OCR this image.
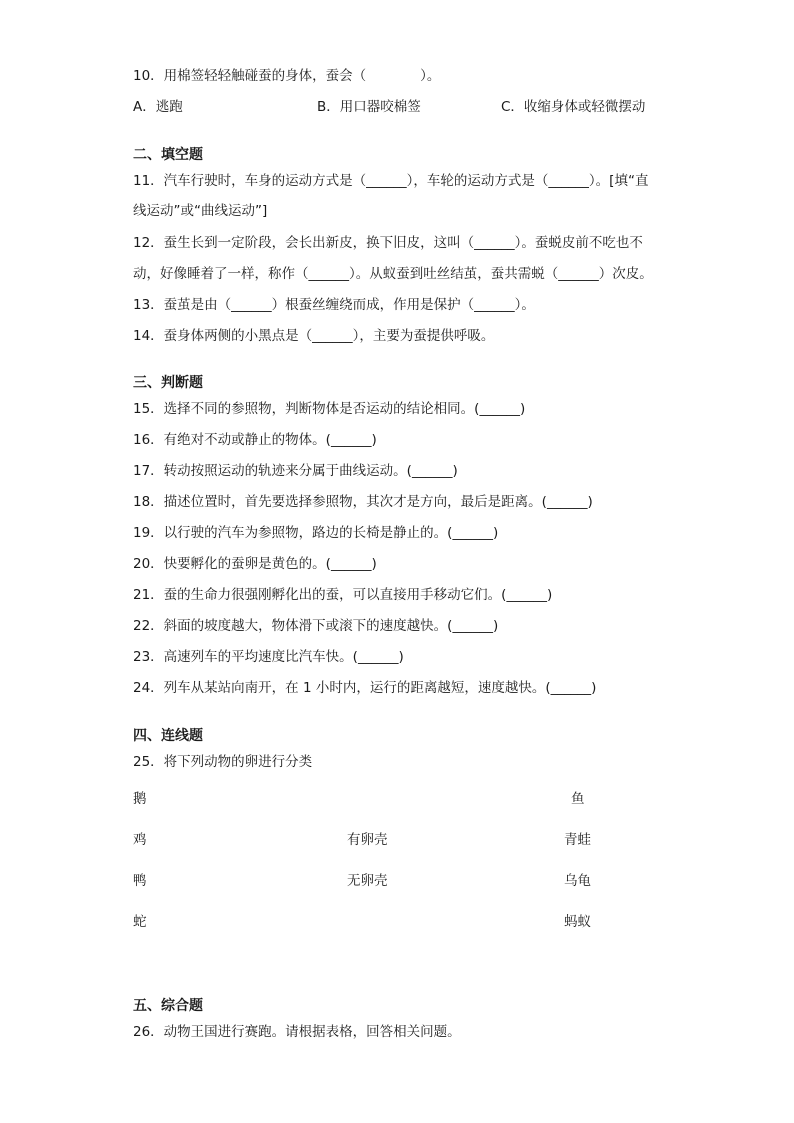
10．用棉签轻轻触碰蚕的身体，蚕会（　　　　）。
A．逃跑	B．用口器咬棉签	C．收缩身体或轻微摆动
二、填空题
11．汽车行驶时，车身的运动方式是（______），车轮的运动方式是（______）。[填“直
线运动”或“曲线运动”]
12．蚕生长到一定阶段，会长出新皮，换下旧皮，这叫（______）。蚕蜕皮前不吃也不
动，好像睡着了一样，称作（______）。从蚁蚕到吐丝结茧，蚕共需蜕（______）次皮。
13．蚕茧是由（______）根蚕丝缠绕而成，作用是保护（______）。
14．蚕身体两侧的小黑点是（______），主要为蚕提供呼吸。
三、判断题
15．选择不同的参照物，判断物体是否运动的结论相同。(______)
16．有绝对不动或静止的物体。(______)
17．转动按照运动的轨迹来分属于曲线运动。(______)
18．描述位置时，首先要选择参照物，其次才是方向，最后是距离。(______)
19．以行驶的汽车为参照物，路边的长椅是静止的。(______)
20．快要孵化的蚕卵是黄色的。(______)
21．蚕的生命力很强刚孵化出的蚕，可以直接用手移动它们。(______)
22．斜面的坡度越大，物体滑下或滚下的速度越快。(______)
23．高速列车的平均速度比汽车快。(______)
24．列车从某站向南开，在 1 小时内，运行的距离越短，速度越快。(______)
四、连线题
25．将下列动物的卵进行分类
鹅
鸡
鸭
蛇
有卵壳
无卵壳
鱼
青蛙
乌龟
蚂蚁
五、综合题
26．动物王国进行赛跑。请根据表格，回答相关问题。
